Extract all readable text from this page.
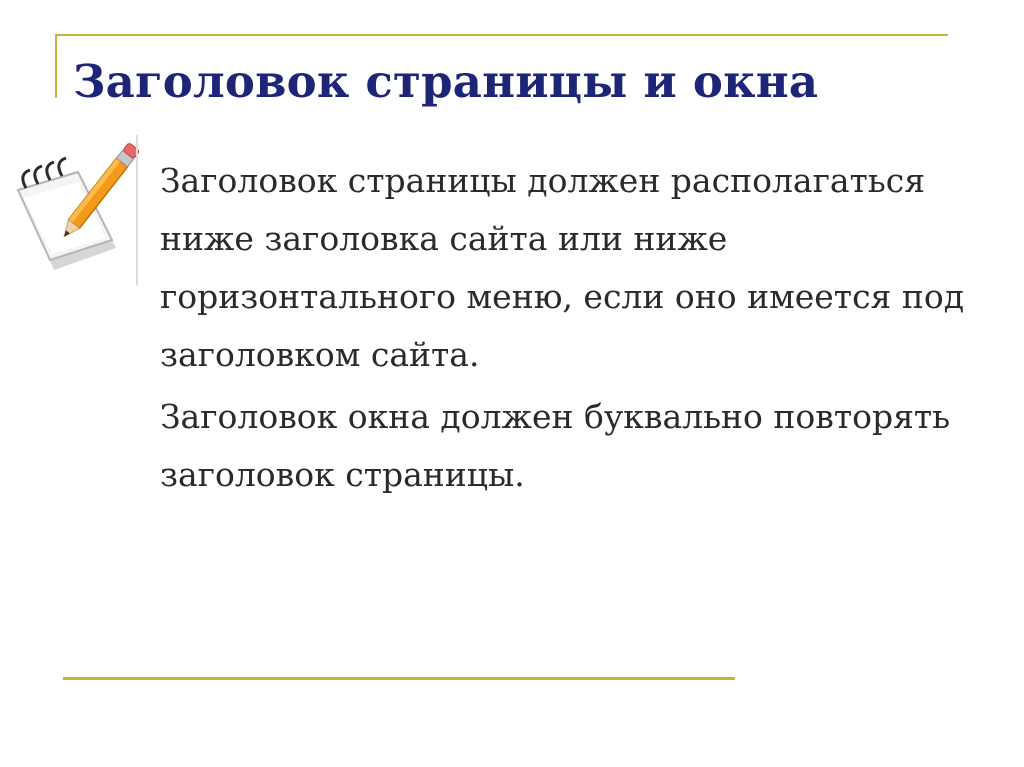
Заголовок страницы и окна

Заголовок страницы должен располагаться ниже заголовка сайта или ниже горизонтального меню, если оно имеется под заголовком сайта.

Заголовок окна должен буквально повторять заголовок страницы.
